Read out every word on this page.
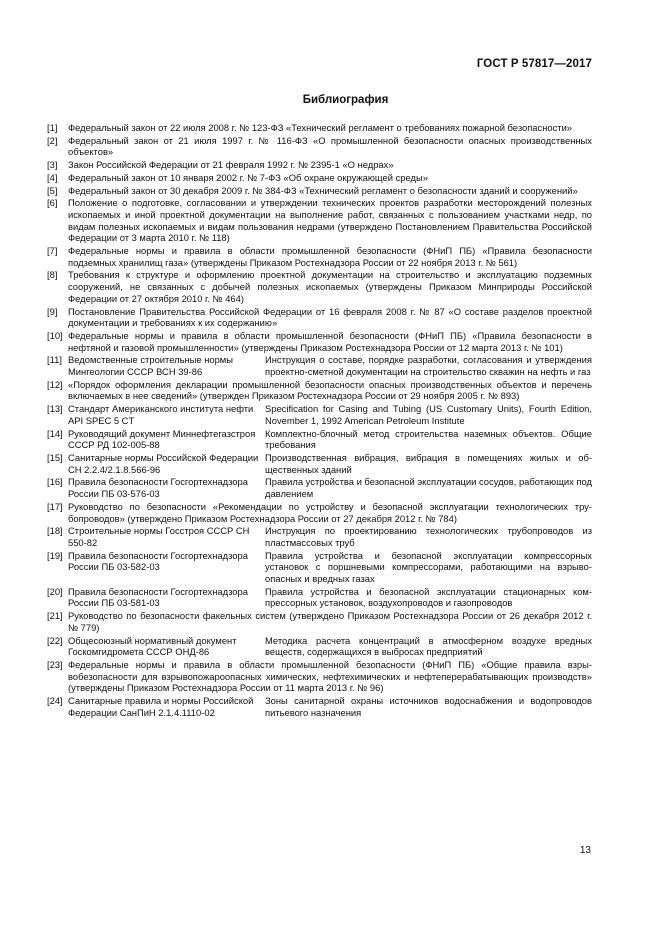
ГОСТ Р 57817—2017
Библиография
[1]	Федеральный закон от 22 июля 2008 г. № 123-ФЗ «Технический регламент о требованиях пожарной безопасности»
[2]	Федеральный закон от 21 июля 1997 г. № 116-ФЗ «О промышленной безопасности опасных производственных объектов»
[3]	Закон Российской Федерации от 21 февраля 1992 г. № 2395-1 «О недрах»
[4]	Федеральный закон от 10 января 2002 г. № 7-ФЗ «Об охране окружающей среды»
[5]	Федеральный закон от 30 декабря 2009 г. № 384-ФЗ «Технический регламент о безопасности зданий и сооружений»
[6]	Положение о подготовке, согласовании и утверждении технических проектов разработки месторождений полезных ископаемых и иной проектной документации на выполнение работ, связанных с пользованием участками недр, по видам полезных ископаемых и видам пользования недрами (утверждено Постановлением Правительства Российской Федерации от 3 марта 2010 г. № 118)
[7]	Федеральные нормы и правила в области промышленной безопасности (ФНиП ПБ) «Правила безопасности подземных хранилищ газа» (утверждены Приказом Ростехнадзора России от 22 ноября 2013 г. № 561)
[8]	Требования к структуре и оформлению проектной документации на строительство и эксплуатацию подземных сооружений, не связанных с добычей полезных ископаемых (утверждены Приказом Минприроды Российской Федерации от 27 октября 2010 г. № 464)
[9]	Постановление Правительства Российской Федерации от 16 февраля 2008 г. № 87 «О составе разделов проектной документации и требованиях к их содержанию»
[10] Федеральные нормы и правила в области промышленной безопасности (ФНиП ПБ) «Правила безопасности в нефтяной и газовой промышленности» (утверждены Приказом Ростехнадзора России от 12 марта 2013 г. № 101)
[11] Ведомственные строительные нормы Мингеологии СССР ВСН 39-86
Инструкция о составе, порядке разработки, согласования и утверждения проектно-сметной документации на строительство скважин на нефть и газ
[12] «Порядок оформления декларации промышленной безопасности опасных производственных объектов и перечень включаемых в нее сведений» (утвержден Приказом Ростехнадзора России от 29 ноября 2005 г. № 893)
[13] Стандарт Американского института нефти API SPEC 5 CT
Specification for Casing and Tubing (US Customary Units), Fourth Edition, November 1, 1992 American Petroleum Institute
[14] Руководящий документ Миннефтегазстроя СССР РД 102-005-88
Комплектно-блочный метод строительства наземных объектов. Общие требования
[15] Санитарные нормы Российской Федерации СН 2.2.4/2.1.8.566-96
Производственная вибрация, вибрация в помещениях жилых и общественных зданий
[16] Правила безопасности Госгортехнадзора России ПБ 03-576-03
Правила устройства и безопасной эксплуатации сосудов, работающих под давлением
[17] Руководство по безопасности «Рекомендации по устройству и безопасной эксплуатации технологических трубопроводов» (утверждено Приказом Ростехнадзора России от 27 декабря 2012 г. № 784)
[18] Строительные нормы Госстроя СССР СН 550-82
Инструкция по проектированию технологических трубопроводов из пластмассовых труб
[19] Правила безопасности Госгортехнадзора России ПБ 03-582-03
Правила устройства и безопасной эксплуатации компрессорных установок с поршневыми компрессорами, работающими на взрывоопасных и вредных газах
[20] Правила безопасности Госгортехнадзора России ПБ 03-581-03
Правила устройства и безопасной эксплуатации стационарных компрессорных установок, воздухопроводов и газопроводов
[21] Руководство по безопасности факельных систем (утверждено Приказом Ростехнадзора России от 26 декабря 2012 г. № 779)
[22] Общесоюзный нормативный документ Госкомгидромета СССР ОНД-86
Методика расчета концентраций в атмосферном воздухе вредных веществ, содержащихся в выбросах предприятий
[23] Федеральные нормы и правила в области промышленной безопасности (ФНиП ПБ) «Общие правила взрывобезопасности для взрывопожароопасных химических, нефтехимических и нефтеперерабатывающих производств» (утверждены Приказом Ростехнадзора России от 11 марта 2013 г. № 96)
[24] Санитарные правила и нормы Российской Федерации СанПиН 2.1.4.1110-02
Зоны санитарной охраны источников водоснабжения и водопроводов питьевого назначения
13
